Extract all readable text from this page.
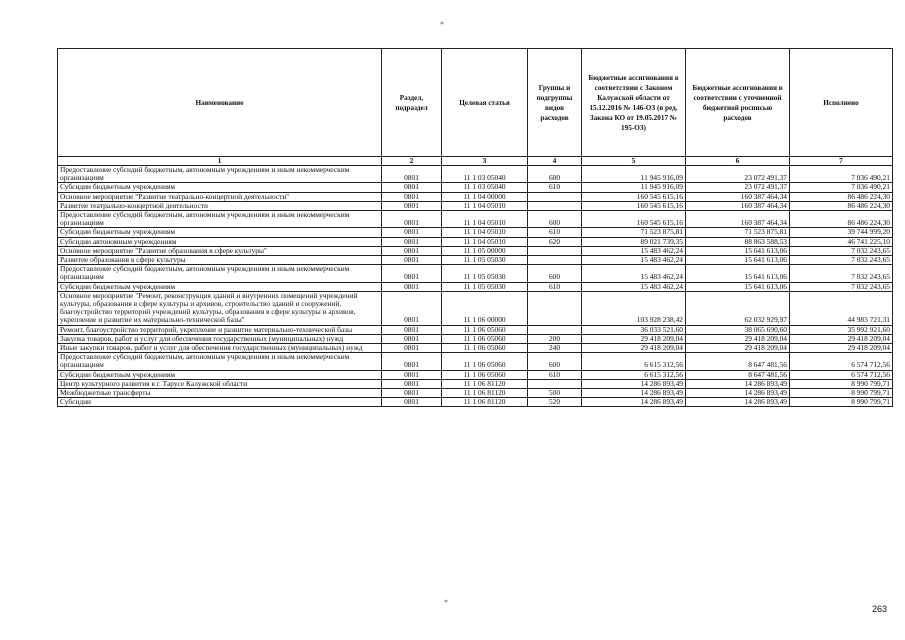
*
Наименование	Раздел, подраздел	Целевая статья	Группы и подгруппы видов расходов	Бюджетные ассигнования в соответствии с Законом Калужской области от 15.12.2016 № 146-ОЗ (в ред. Закона КО от 19.05.2017 № 195-ОЗ)	Бюджетные ассигнования в соответствии с уточненной бюджетной росписью расходов	Исполнено
1	2	3	4	5	6	7
Предоставление субсидий бюджетным, автономным учреждениям и иным некоммерческим организациям	0801	11 1 03 05040	600	11 945 916,09	23 072 491,37	7 036 490,21
Субсидии бюджетным учреждениям	0801	11 1 03 05040	610	11 945 916,09	23 072 491,37	7 036 490,21
Основное мероприятие "Развитие театрально-концертной деятельности"	0801	11 1 04 00000		160 545 615,16	160 387 464,34	86 486 224,30
Развитие театрально-концертной деятельности	0801	11 1 04 05010		160 545 615,16	160 387 464,34	86 486 224,30
Предоставление субсидий бюджетным, автономным учреждениям и иным некоммерческим организациям	0801	11 1 04 05010	600	160 545 615,16	160 387 464,34	86 486 224,30
Субсидии бюджетным учреждениям	0801	11 1 04 05010	610	71 523 875,81	71 523 875,81	39 744 999,20
Субсидии автономным учреждениям	0801	11 1 04 05010	620	89 021 739,35	88 863 588,53	46 741 225,10
Основное мероприятие "Развитие образования в сфере культуры"	0801	11 1 05 00000		15 483 462,24	15 641 613,06	7 032 243,65
Развитие образования в сфере культуры	0801	11 1 05 05030		15 483 462,24	15 641 613,06	7 032 243,65
Предоставление субсидий бюджетным, автономным учреждениям и иным некоммерческим организациям	0801	11 1 05 05030	600	15 483 462,24	15 641 613,06	7 032 243,65
Субсидии бюджетным учреждениям	0801	11 1 05 05030	610	15 483 462,24	15 641 613,06	7 032 243,65
Основное мероприятие "Ремонт, реконструкция зданий и внутренних помещений учреждений культуры, образования в сфере культуры и архивов, строительство зданий и сооружений, благоустройство территорий учреждений культуры, образования в сфере культуры и архивов, укрепление и развитие их материально-технической базы"	0801	11 1 06 00000		103 928 238,42	62 032 929,97	44 983 721,31
Ремонт, благоустройство территорий, укрепление и развитие материально-технической базы	0801	11 1 06 05060		36 033 521,60	38 065 690,60	35 992 921,60
Закупка товаров, работ и услуг для обеспечения государственных (муниципальных) нужд	0801	11 1 06 05060	200	29 418 209,04	29 418 209,04	29 418 209,04
Иные закупки товаров, работ и услуг для обеспечения государственных (муниципальных) нужд	0801	11 1 06 05060	240	29 418 209,04	29 418 209,04	29 418 209,04
Предоставление субсидий бюджетным, автономным учреждениям и иным некоммерческим организациям	0801	11 1 06 05060	600	6 615 312,56	8 647 481,56	6 574 712,56
Субсидии бюджетным учреждениям	0801	11 1 06 05060	610	6 615 312,56	8 647 481,56	6 574 712,56
Центр культурного развития в г. Тарусе Калужской области	0801	11 1 06 81120		14 286 893,49	14 286 893,49	8 990 799,71
Межбюджетные трансферты	0801	11 1 06 81120	500	14 286 893,49	14 286 893,49	8 990 799,71
Субсидии	0801	11 1 06 81120	520	14 286 893,49	14 286 893,49	8 990 799,71
*
263
